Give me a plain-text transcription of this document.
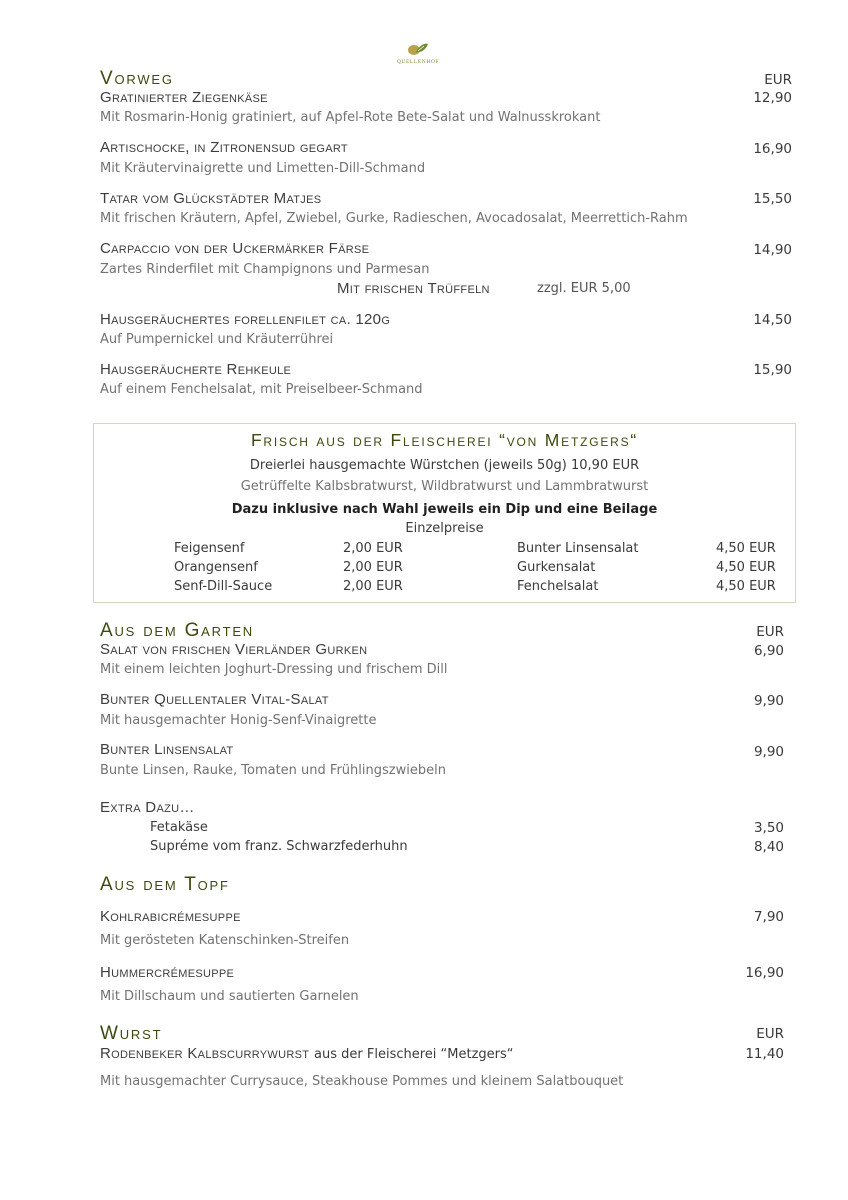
QUELLENHOF
Vorweg	EUR
Gratinierter Ziegenkäse	12,90
Mit Rosmarin-Honig gratiniert, auf Apfel-Rote Bete-Salat und Walnusskrokant
Artischocke, in Zitronensud gegart	16,90
Mit Kräutervinaigrette und Limetten-Dill-Schmand
Tatar vom Glückstädter Matjes	15,50
Mit frischen Kräutern, Apfel, Zwiebel, Gurke, Radieschen, Avocadosalat, Meerrettich-Rahm
Carpaccio von der Uckermärker Färse	14,90
Zartes Rinderfilet mit Champignons und Parmesan
Mit frischen Trüffeln	zzgl. EUR 5,00
Hausgeräuchertes forellenfilet ca. 120g	14,50
Auf Pumpernickel und Kräuterrührei
Hausgeräucherte Rehkeule	15,90
Auf einem Fenchelsalat, mit Preiselbeer-Schmand
Frisch aus der Fleischerei “von Metzgers“
Dreierlei hausgemachte Würstchen (jeweils 50g) 10,90 EUR
Getrüffelte Kalbsbratwurst, Wildbratwurst und Lammbratwurst
Dazu inklusive nach Wahl jeweils ein Dip und eine Beilage
Einzelpreise
Feigensenf	2,00 EUR	Bunter Linsensalat	4,50 EUR
Orangensenf	2,00 EUR	Gurkensalat	4,50 EUR
Senf-Dill-Sauce	2,00 EUR	Fenchelsalat	4,50 EUR
Aus dem Garten	EUR
Salat von frischen Vierländer Gurken	6,90
Mit einem leichten Joghurt-Dressing und frischem Dill
Bunter Quellentaler Vital-Salat	9,90
Mit hausgemachter Honig-Senf-Vinaigrette
Bunter Linsensalat	9,90
Bunte Linsen, Rauke, Tomaten und Frühlingszwiebeln
Extra Dazu…
Fetakäse	3,50
Supréme vom franz. Schwarzfederhuhn	8,40
Aus dem Topf
Kohlrabicrémesuppe	7,90
Mit gerösteten Katenschinken-Streifen
Hummercrémesuppe	16,90
Mit Dillschaum und sautierten Garnelen
Wurst	EUR
Rodenbeker Kalbscurrywurst aus der Fleischerei “Metzgers“	11,40
Mit hausgemachter Currysauce, Steakhouse Pommes und kleinem Salatbouquet
